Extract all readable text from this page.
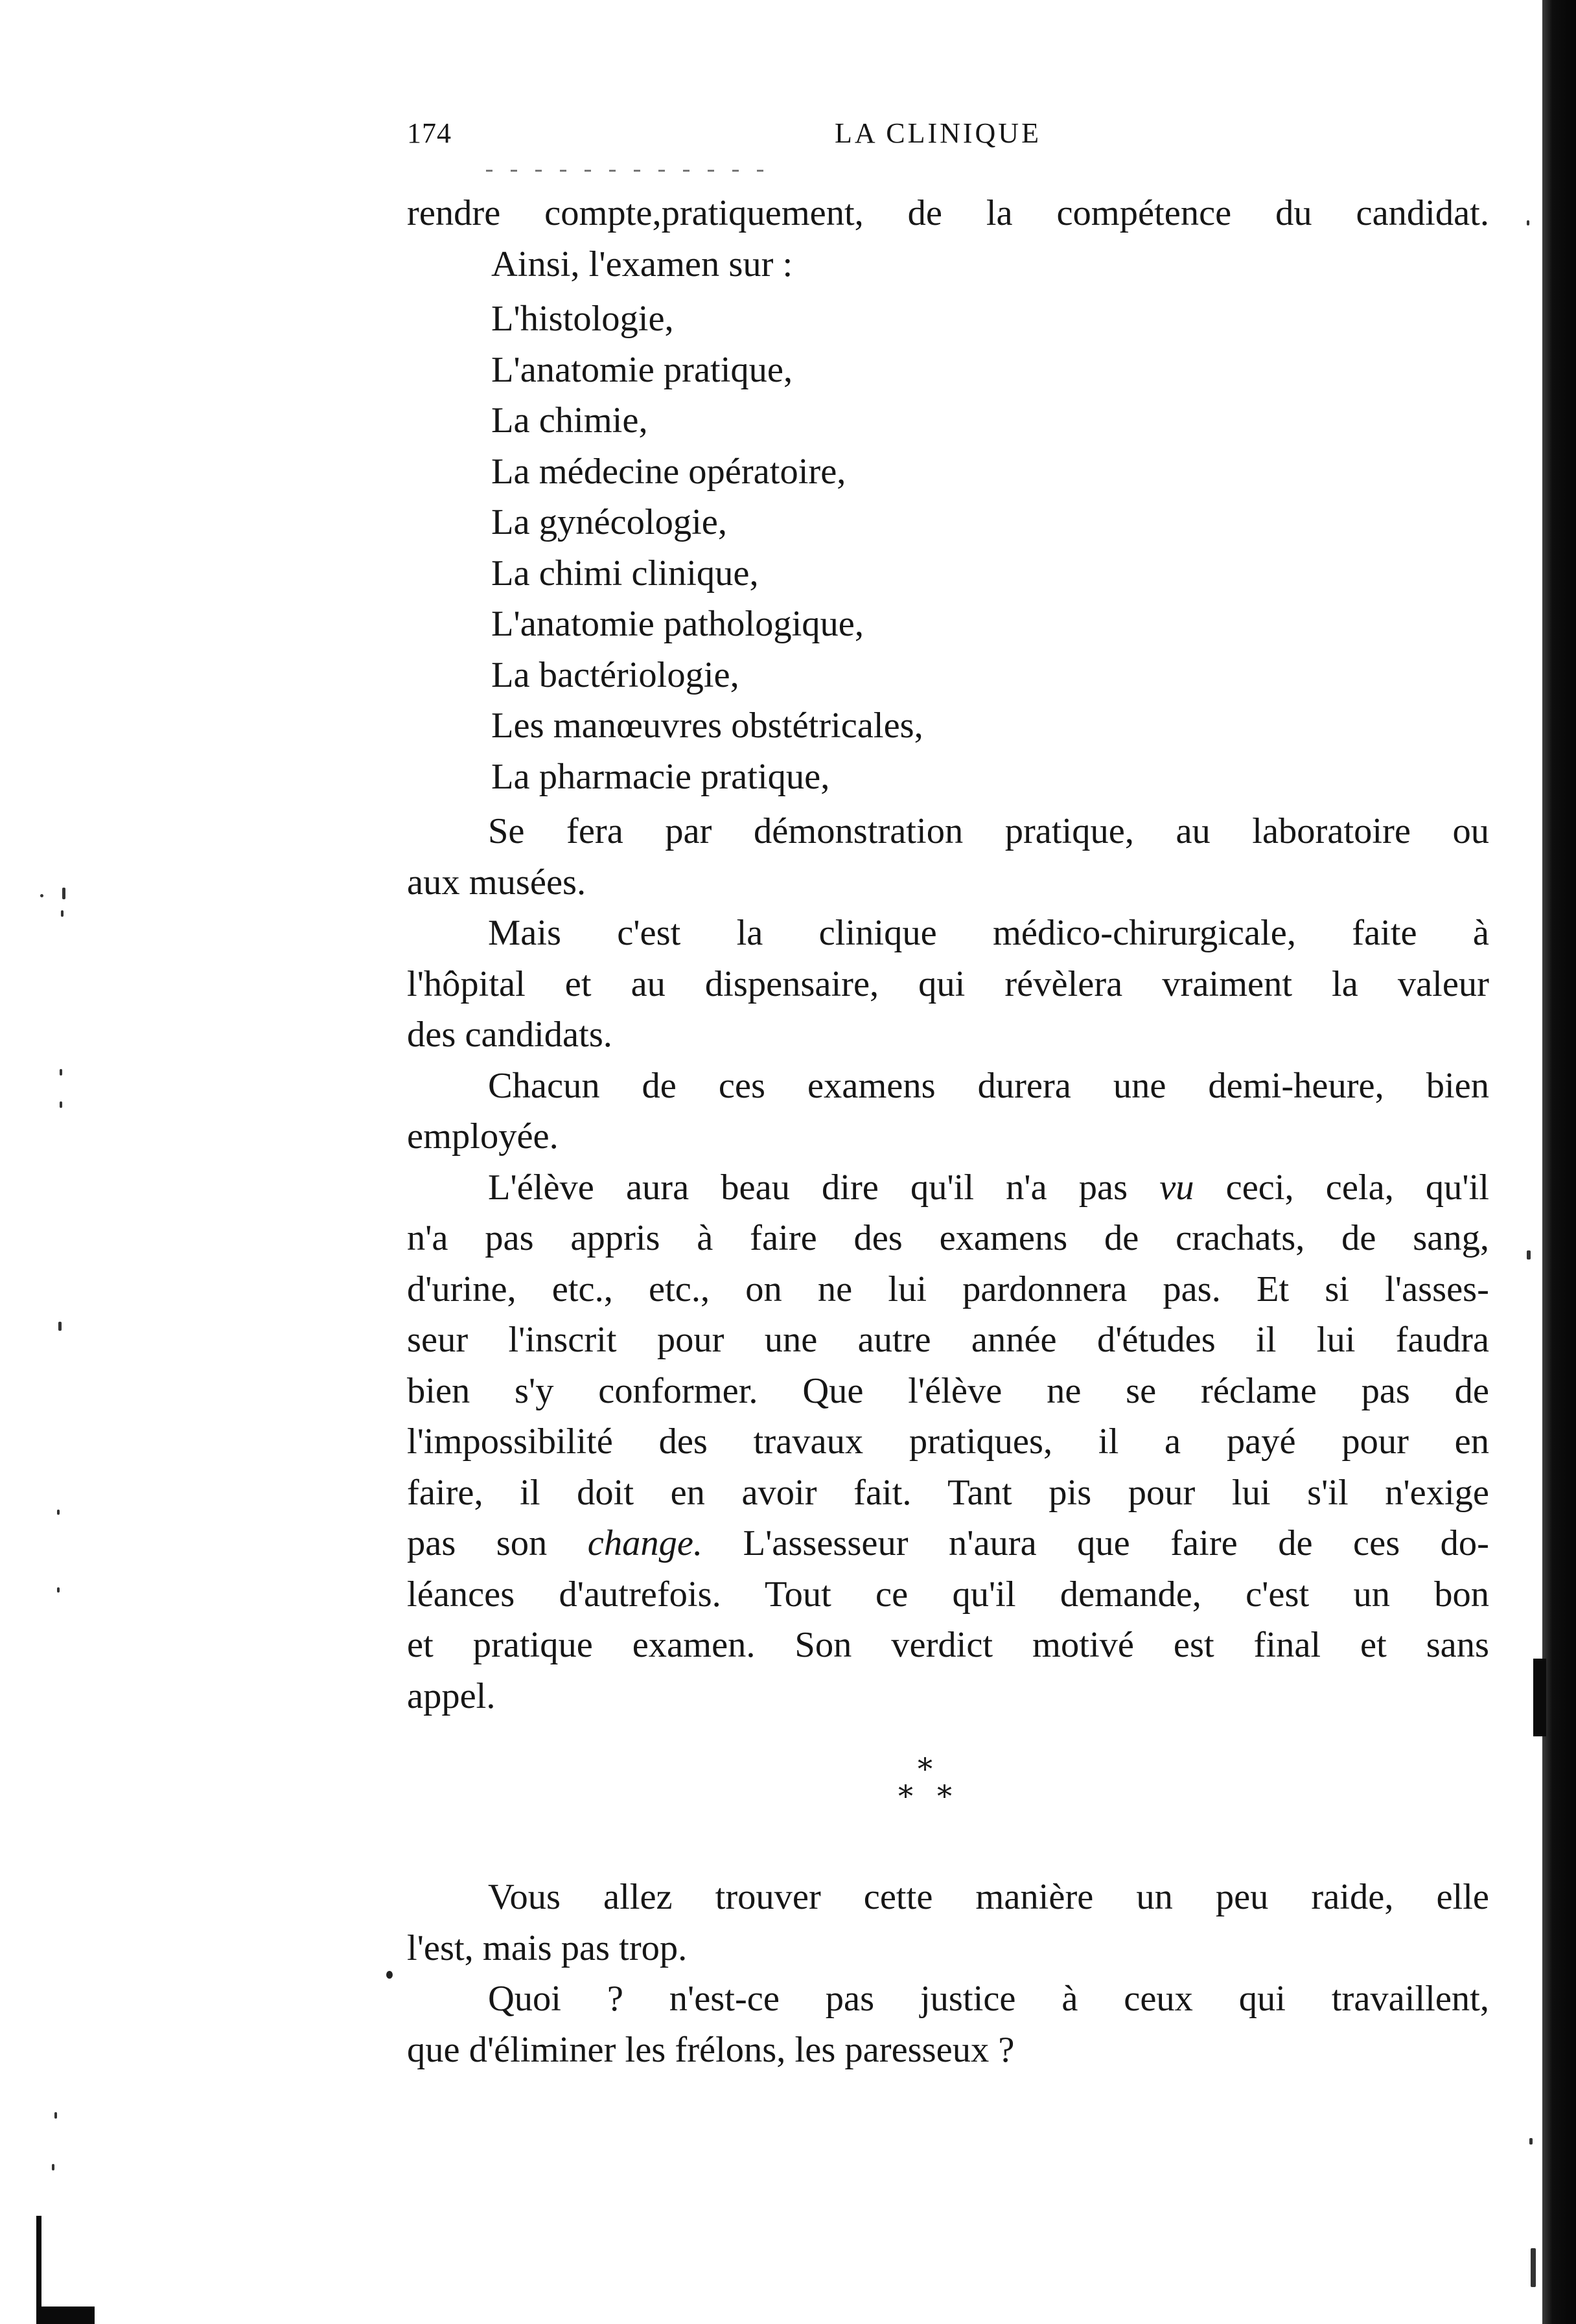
174	LA CLINIQUE
rendre compte,pratiquement, de la compétence du candidat.
Ainsi, l'examen sur :
L'histologie,
L'anatomie pratique,
La chimie,
La médecine opératoire,
La gynécologie,
La chimi clinique,
L'anatomie pathologique,
La bactériologie,
Les manœuvres obstétricales,
La pharmacie pratique,
Se fera par démonstration pratique, au laboratoire ou
aux musées.
Mais c'est la clinique médico-chirurgicale, faite à
l'hôpital et au dispensaire, qui révèlera vraiment la valeur
des candidats.
Chacun de ces examens durera une demi-heure, bien
employée.
L'élève aura beau dire qu'il n'a pas vu ceci, cela, qu'il
n'a pas appris à faire des examens de crachats, de sang,
d'urine, etc., etc., on ne lui pardonnera pas. Et si l'asses-
seur l'inscrit pour une autre année d'études il lui faudra
bien s'y conformer. Que l'élève ne se réclame pas de
l'impossibilité des travaux pratiques, il a payé pour en
faire, il doit en avoir fait. Tant pis pour lui s'il n'exige
pas son change. L'assesseur n'aura que faire de ces do-
léances d'autrefois. Tout ce qu'il demande, c'est un bon
et pratique examen. Son verdict motivé est final et sans
appel.
*
* *
Vous allez trouver cette manière un peu raide, elle
l'est, mais pas trop.
Quoi ? n'est-ce pas justice à ceux qui travaillent,
que d'éliminer les frélons, les paresseux ?
